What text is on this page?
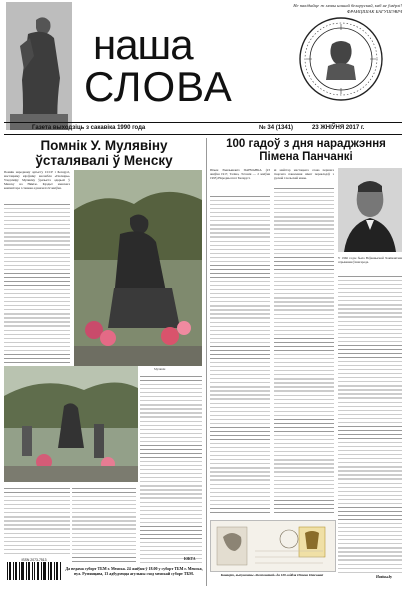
Не пакідайце ж мовы нашай беларускай, каб не ўмёрлі!
ФРАНЦІШАК БАГУШЭВІЧ
наша
СЛОВА
Газета выходзіць з сакавіка 1990 года	№ 34 (1341)	23 ЖНІЎНЯ 2017 г.
Помнік У. Мулявіну ўсталявалі ў Менску
Помнік народнаму артысту СССР і Беларусі, мастацкаму кіраўніку ансамбля «Песняры» Уладзіміру Мулявіну ўрачыста адкрылі ў Менску на Нямізе. Крэдыт менскага кампазітара і спевака адзначалі 22 жніўня.
Мулявін
ЮКТА
ISSN 2073-7513
Да ведама суборт ТБМ г. Менска. 24 жніўня ў 18.00 у суборт ТБМ г. Менска, вул. Румянцава, 13 адбудзецца агульны сход менскай суборт ТБМ.
100 гадоў з дня нараджэння Пімена Панчанкі
Пімен Емяльянавіч ПАНЧАНКА (23 жніўня 1917, Таліна, Эстонія — 2 жніўня 1995) Народны паэт Беларусі.
ві майстар мастацкага слова першага творчага пакалення шмат перакладаў з рускай і польскай мовы.
У 1966 годзе была Ваўкавыскай Хакімавічам атрыманая ўзнагарода.
Навіны.by
Канверт, выпушчаны «Белпоштай» да 100-годдзя Пімена Панчанкі
